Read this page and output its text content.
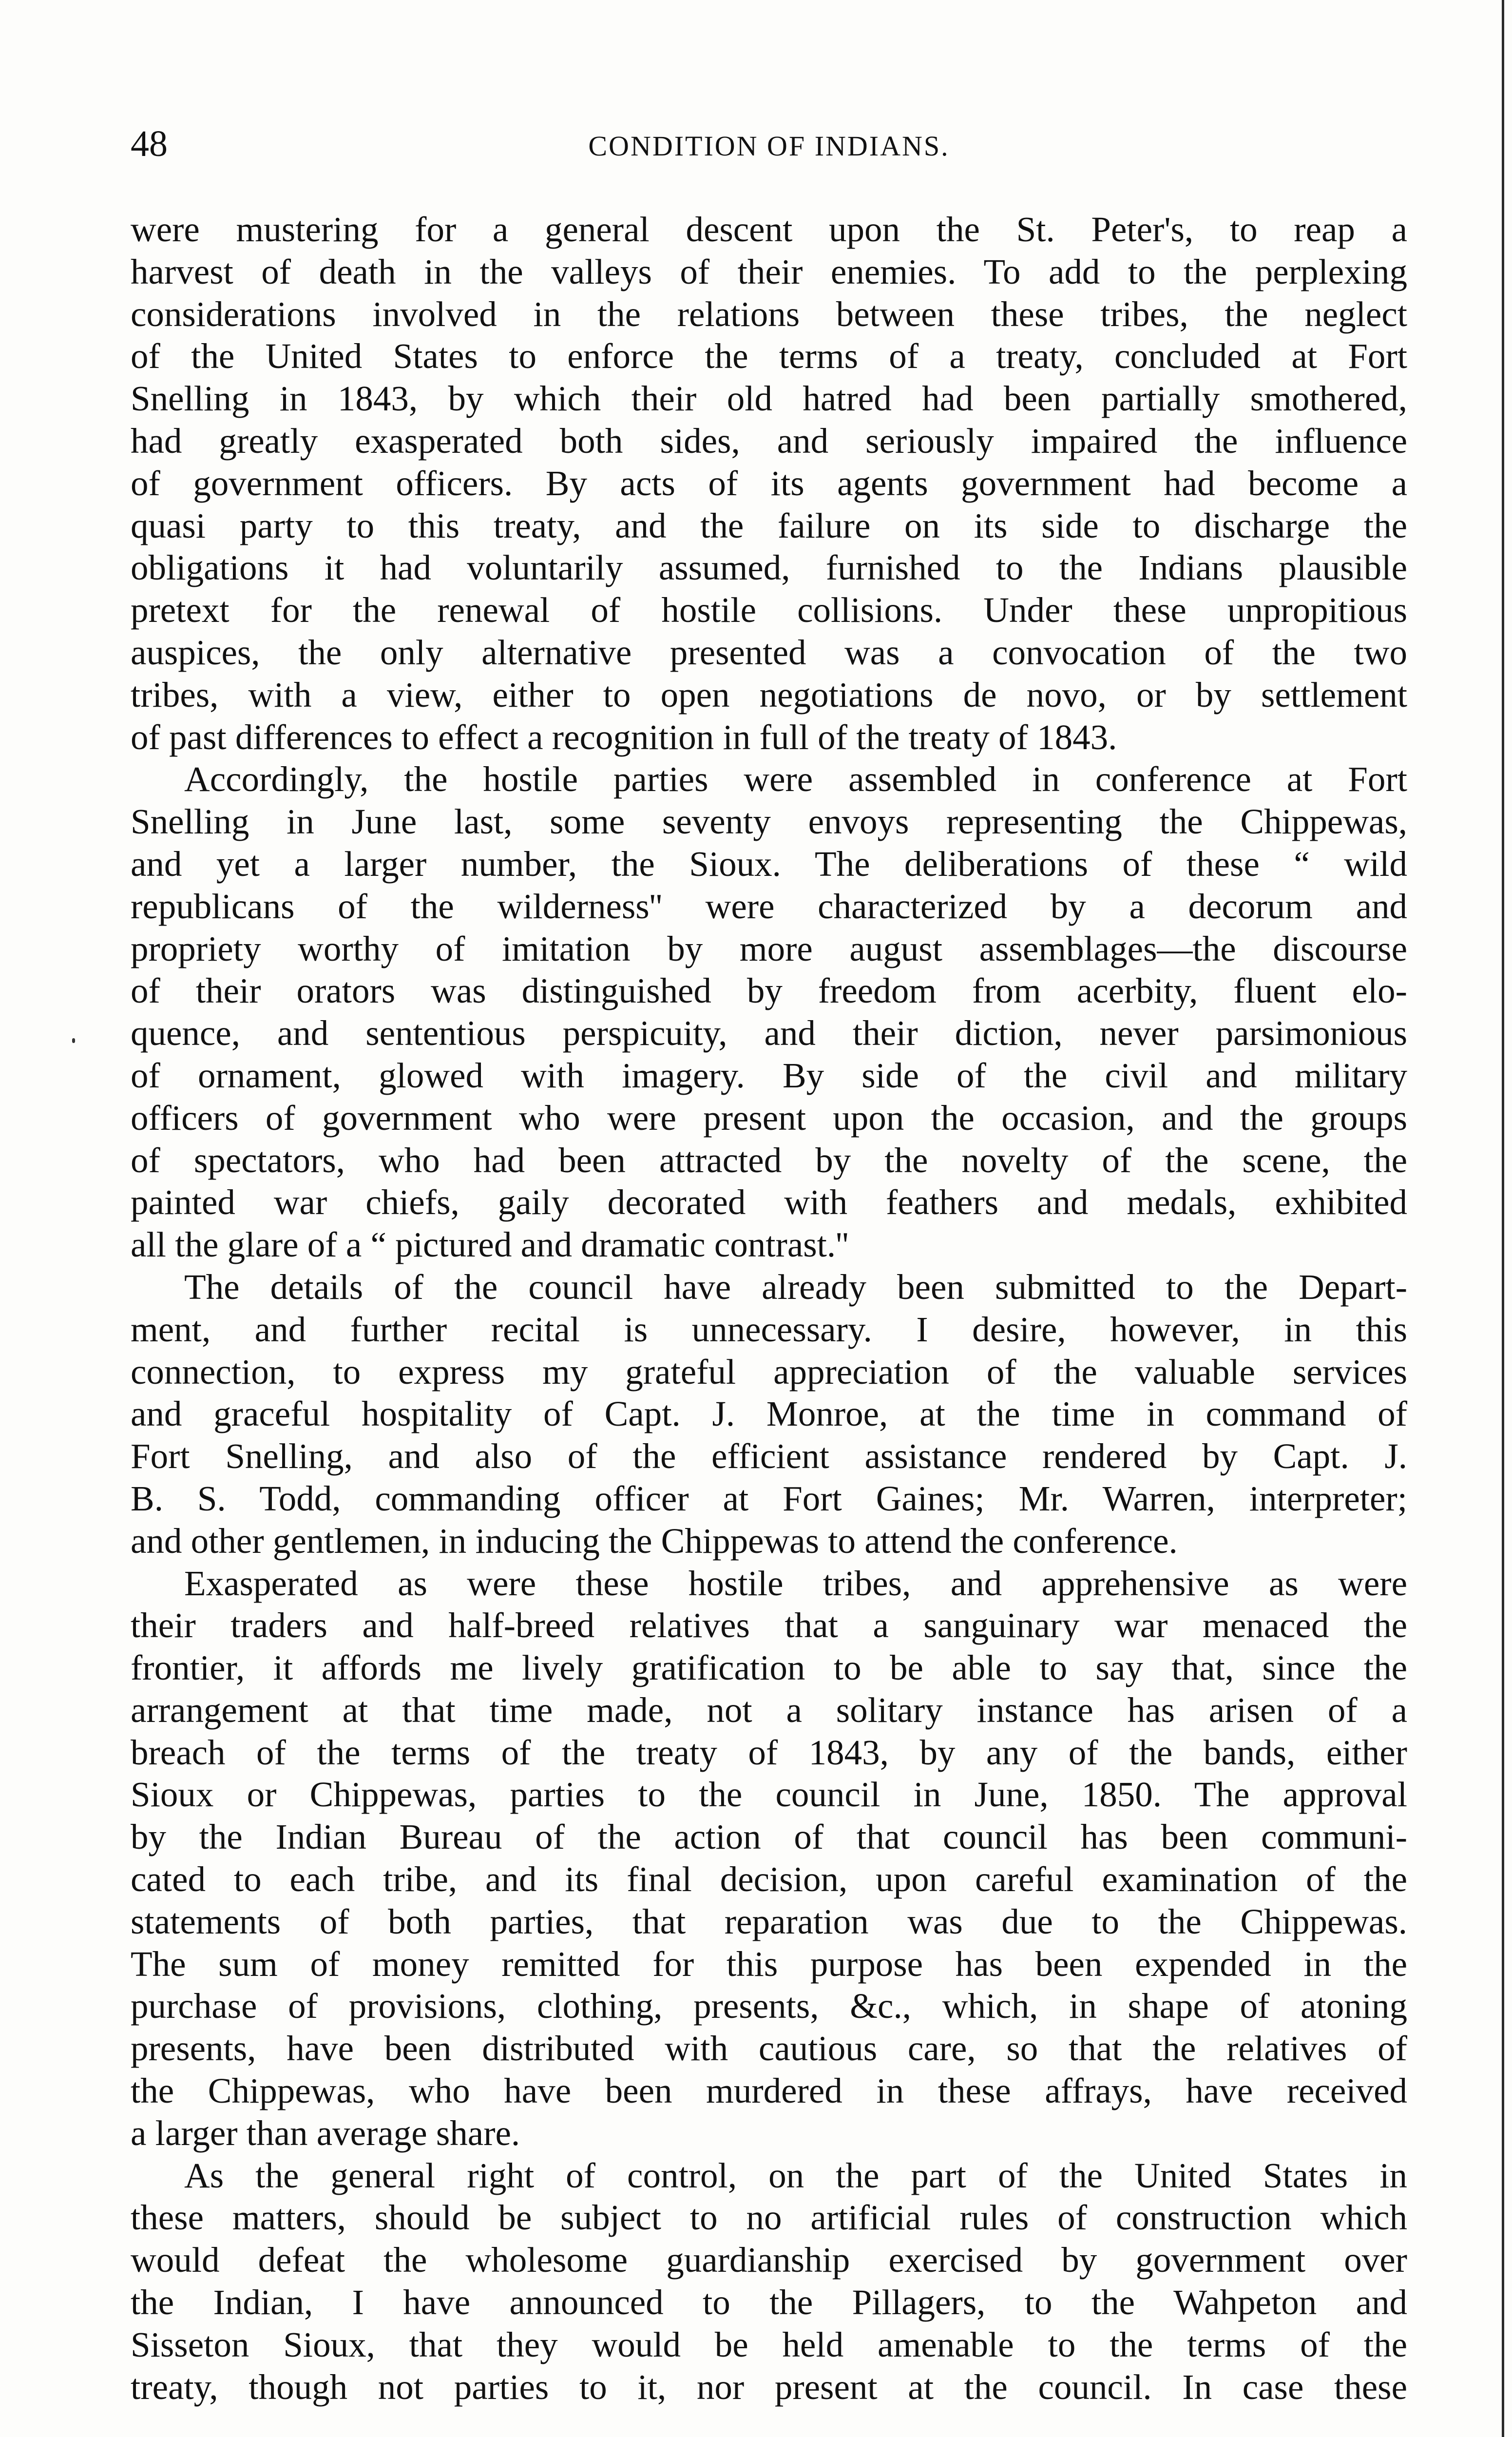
48	CONDITION OF INDIANS.

were mustering for a general descent upon the St. Peter's, to reap a
harvest of death in the valleys of their enemies. To add to the perplexing
considerations involved in the relations between these tribes, the neglect
of the United States to enforce the terms of a treaty, concluded at Fort
Snelling in 1843, by which their old hatred had been partially smothered,
had greatly exasperated both sides, and seriously impaired the influence
of government officers. By acts of its agents government had become a
quasi party to this treaty, and the failure on its side to discharge the
obligations it had voluntarily assumed, furnished to the Indians plausible
pretext for the renewal of hostile collisions. Under these unpropitious
auspices, the only alternative presented was a convocation of the two
tribes, with a view, either to open negotiations de novo, or by settlement
of past differences to effect a recognition in full of the treaty of 1843.

Accordingly, the hostile parties were assembled in conference at Fort
Snelling in June last, some seventy envoys representing the Chippewas,
and yet a larger number, the Sioux. The deliberations of these “ wild
republicans of the wilderness'' were characterized by a decorum and
propriety worthy of imitation by more august assemblages—the discourse
of their orators was distinguished by freedom from acerbity, fluent elo-
quence, and sententious perspicuity, and their diction, never parsimonious
of ornament, glowed with imagery. By side of the civil and military
officers of government who were present upon the occasion, and the groups
of spectators, who had been attracted by the novelty of the scene, the
painted war chiefs, gaily decorated with feathers and medals, exhibited
all the glare of a “ pictured and dramatic contrast.''

The details of the council have already been submitted to the Depart-
ment, and further recital is unnecessary. I desire, however, in this
connection, to express my grateful appreciation of the valuable services
and graceful hospitality of Capt. J. Monroe, at the time in command of
Fort Snelling, and also of the efficient assistance rendered by Capt. J.
B. S. Todd, commanding officer at Fort Gaines; Mr. Warren, interpreter;
and other gentlemen, in inducing the Chippewas to attend the conference.

Exasperated as were these hostile tribes, and apprehensive as were
their traders and half-breed relatives that a sanguinary war menaced the
frontier, it affords me lively gratification to be able to say that, since the
arrangement at that time made, not a solitary instance has arisen of a
breach of the terms of the treaty of 1843, by any of the bands, either
Sioux or Chippewas, parties to the council in June, 1850. The approval
by the Indian Bureau of the action of that council has been communi-
cated to each tribe, and its final decision, upon careful examination of the
statements of both parties, that reparation was due to the Chippewas.
The sum of money remitted for this purpose has been expended in the
purchase of provisions, clothing, presents, &c., which, in shape of atoning
presents, have been distributed with cautious care, so that the relatives of
the Chippewas, who have been murdered in these affrays, have received
a larger than average share.

As the general right of control, on the part of the United States in
these matters, should be subject to no artificial rules of construction which
would defeat the wholesome guardianship exercised by government over
the Indian, I have announced to the Pillagers, to the Wahpeton and
Sisseton Sioux, that they would be held amenable to the terms of the
treaty, though not parties to it, nor present at the council. In case these
